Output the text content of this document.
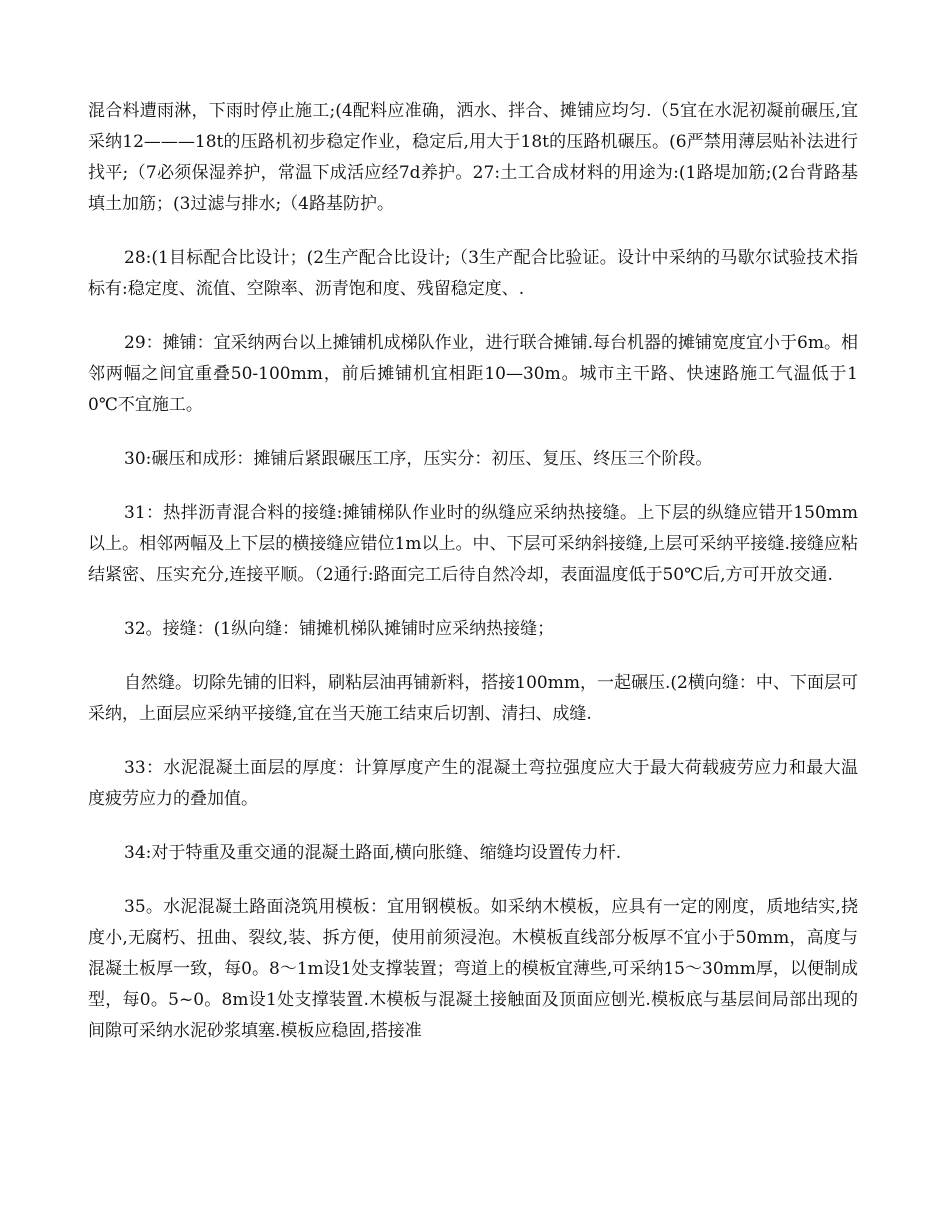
混合料遭雨淋，下雨时停止施工;(4配料应准确，洒水、拌合、摊铺应均匀.（5宜在水泥初凝前碾压,宜采纳12———18t的压路机初步稳定作业，稳定后,用大于18t的压路机碾压。(6严禁用薄层贴补法进行找平;（7必须保湿养护，常温下成活应经7d养护。27:土工合成材料的用途为:(1路堤加筋;(2台背路基填土加筋；(3过滤与排水;（4路基防护。

28:(1目标配合比设计；(2生产配合比设计;（3生产配合比验证。设计中采纳的马歇尔试验技术指标有:稳定度、流值、空隙率、沥青饱和度、残留稳定度、.

29：摊铺：宜采纳两台以上摊铺机成梯队作业，进行联合摊铺.每台机器的摊铺宽度宜小于6m。相邻两幅之间宜重叠50-100mm，前后摊铺机宜相距10—30m。城市主干路、快速路施工气温低于10℃不宜施工。

30:碾压和成形：摊铺后紧跟碾压工序，压实分：初压、复压、终压三个阶段。

31：热拌沥青混合料的接缝:摊铺梯队作业时的纵缝应采纳热接缝。上下层的纵缝应错开150mm以上。相邻两幅及上下层的横接缝应错位1m以上。中、下层可采纳斜接缝,上层可采纳平接缝.接缝应粘结紧密、压实充分,连接平顺。（2通行:路面完工后待自然冷却，表面温度低于50℃后,方可开放交通.

32。接缝：(1纵向缝：铺摊机梯队摊铺时应采纳热接缝；

自然缝。切除先铺的旧料，刷粘层油再铺新料，搭接100mm，一起碾压.(2横向缝：中、下面层可采纳，上面层应采纳平接缝,宜在当天施工结束后切割、清扫、成缝.

33：水泥混凝土面层的厚度：计算厚度产生的混凝土弯拉强度应大于最大荷载疲劳应力和最大温度疲劳应力的叠加值。

34:对于特重及重交通的混凝土路面,横向胀缝、缩缝均设置传力杆.

35。水泥混凝土路面浇筑用模板：宜用钢模板。如采纳木模板，应具有一定的刚度，质地结实,挠度小,无腐朽、扭曲、裂纹,装、拆方便，使用前须浸泡。木模板直线部分板厚不宜小于50mm，高度与混凝土板厚一致，每0。8～1m设1处支撑装置；弯道上的模板宜薄些,可采纳15～30mm厚，以便制成型，每0。5~0。8m设1处支撑装置.木模板与混凝土接触面及顶面应刨光.模板底与基层间局部出现的间隙可采纳水泥砂浆填塞.模板应稳固,搭接准
